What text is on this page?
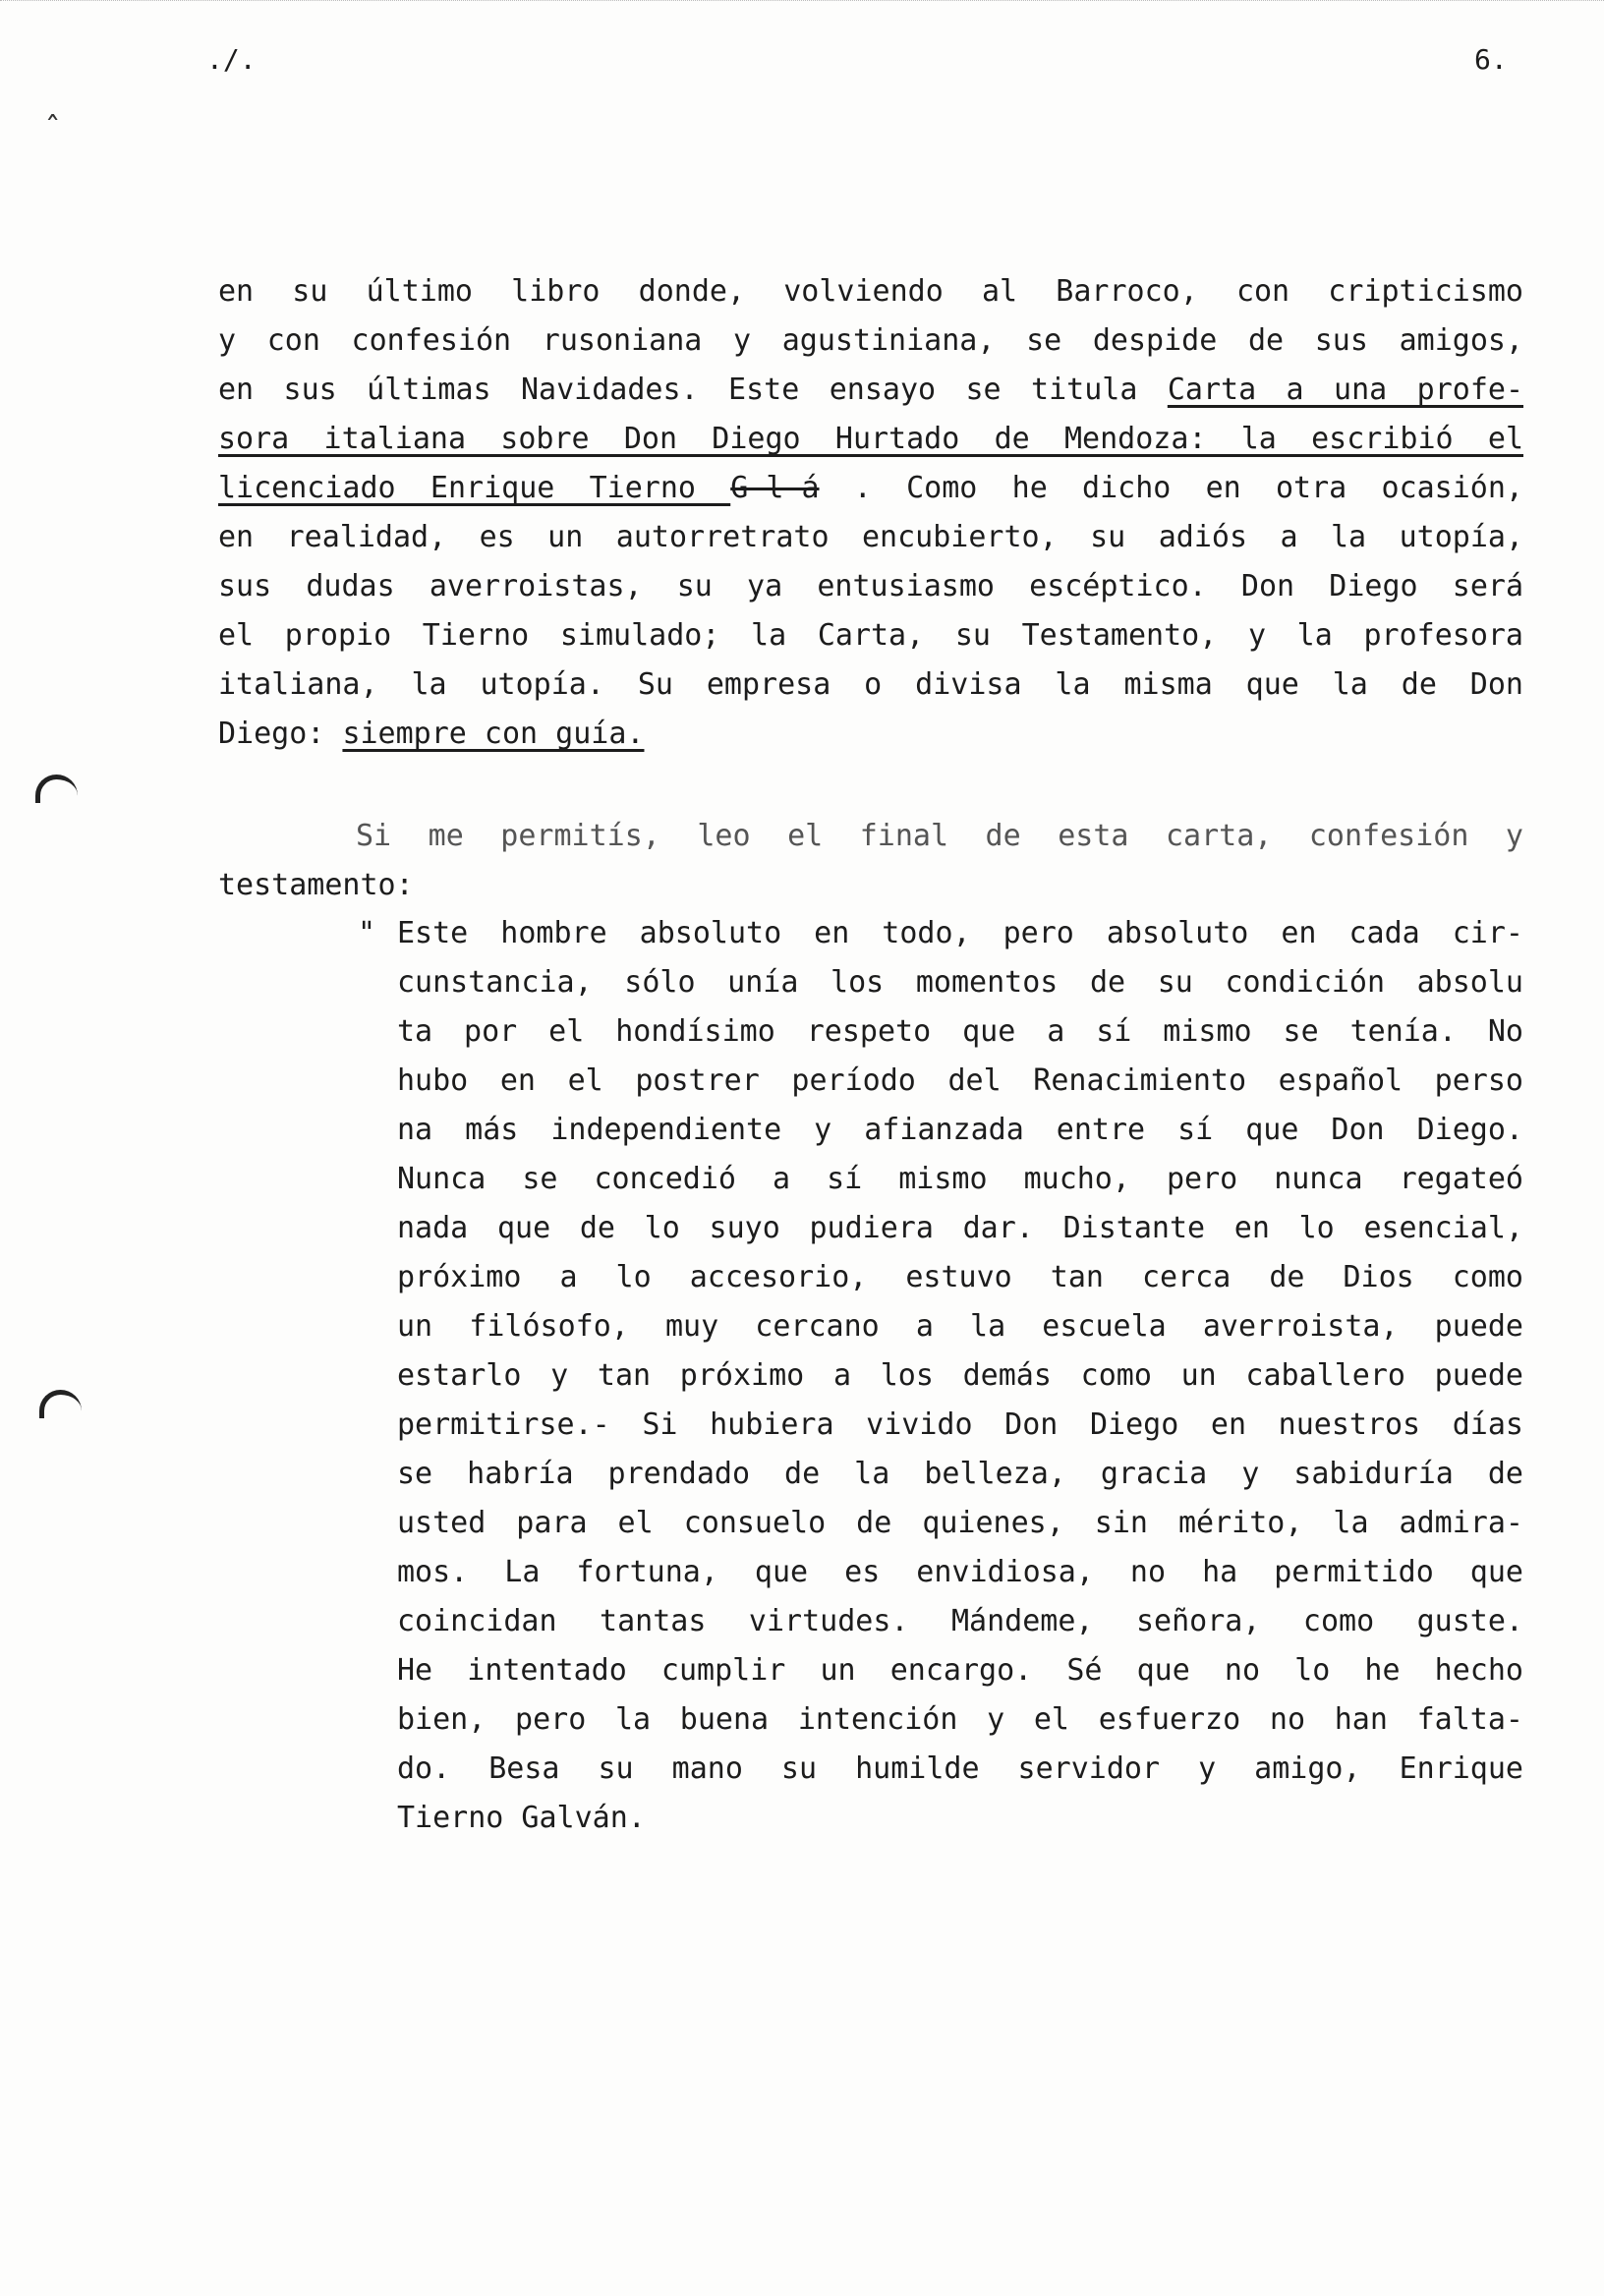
ˆ
./.	6.
en su último libro donde, volviendo al Barroco, con cripticismo
y con confesión rusoniana y agustiniana, se despide de sus amigos,
en sus últimas Navidades. Este ensayo se titula Carta a una profe-
sora italiana sobre Don Diego Hurtado de Mendoza: la escribió el
licenciado Enrique Tierno G-l-á . Como he dicho en otra ocasión,
en realidad, es un autorretrato encubierto, su adiós a la utopía,
sus dudas averroistas, su ya entusiasmo escéptico. Don Diego será
el propio Tierno simulado; la Carta, su Testamento, y la profesora
italiana, la utopía. Su empresa o divisa la misma que la de Don
Diego: siempre con guía.
Si me permitís, leo el final de esta carta, confesión y
testamento:
" Este hombre absoluto en todo, pero absoluto en cada cir-
cunstancia, sólo unía los momentos de su condición absolu
ta por el hondísimo respeto que a sí mismo se tenía. No
hubo en el postrer período del Renacimiento español perso
na más independiente y afianzada entre sí que Don Diego.
Nunca se concedió a sí mismo mucho, pero nunca regateó
nada que de lo suyo pudiera dar. Distante en lo esencial,
próximo a lo accesorio, estuvo tan cerca de Dios como
un filósofo, muy cercano a la escuela averroista, puede
estarlo y tan próximo a los demás como un caballero puede
permitirse.- Si hubiera vivido Don Diego en nuestros días
se habría prendado de la belleza, gracia y sabiduría de
usted para el consuelo de quienes, sin mérito, la admira-
mos. La fortuna, que es envidiosa, no ha permitido que
coincidan tantas virtudes. Mándeme, señora, como guste.
He intentado cumplir un encargo. Sé que no lo he hecho
bien, pero la buena intención y el esfuerzo no han falta-
do. Besa su mano su humilde servidor y amigo, Enrique
Tierno Galván.
